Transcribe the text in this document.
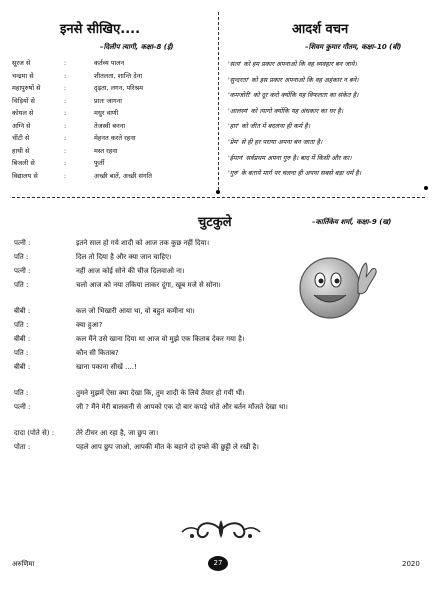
इनसे सीखिए....
–दिलीप त्यागी, कक्षा–8 (ई)
सूरज से	:	कर्तव्य पालन
चन्द्रमा से	:	शीतलता, शान्ति देना
महापुरुषों से	:	दृढ़ता, लगन, परिश्रम
चिड़ियों से	:	प्रातः जागना
कोयल से	:	मधुर वाणी
अग्नि से	:	तेजस्वी बनना
चींटी से	:	मेहनत करते रहना
हाथी से	:	मस्त रहना
बिजली से	:	फुर्ती
विद्यालय से	:	अच्छी बातें, अच्छी संगति
आदर्श वचन
–शिवम कुमार गौतम, कक्षा–10 (बी)
'सत्य' को हम प्रकार अपनाओ कि वह व्यवहार बन जाये।
'सुन्दरता' को इस प्रकार अपनाओ कि वह अहंकार न बने।
'कमजोरी' को दूर करो क्योंकि यह विफलता का संकेत है।
'आलस्य' को त्यागो क्योंकि यह अंधकार का घर है।
'हार' को जीत में बदलना ही कर्म है।
'प्रेम' से ही हर पराया अपना बन जाता है।
'ईमान' सर्वप्रथम अपना गुरु है। बाद में किसी और का।
'गुरु' के बताये मार्ग पर चलना ही अपना सबसे बड़ा धर्म है।
चुटकुले	–कार्तिकेय शर्मा, कक्षा–9 (ख)
पत्नी :	इतने साल हो गये शादी को आज तक कुछ नहीं दिया।
पति :	दिल तो दिया है और क्या जान चाहिए।
पत्नी :	नहीं आज कोई सोने की चीज दिलवाओ ना।
पति :	चलो आज को नया तकिया लाकर दूंगा, खूब मजे से सोना।
बीबी :	कल जो भिखारी आया था, वो बहुत कमीना था।
पति :	क्या हुआ?
बीबी :	कल मैंने उसे खाना दिया था आज वो मुझे एक किताब देकर गया है।
पति :	कौन सी किताब?
बीबी :	खाना पकाना सीखें ....!
पति :	तुमने मुझमें ऐसा क्या देखा कि, तुम शादी के लिये तैयार हो गयीं थीं।
पत्नी :	जी ? मैंने मेरी बालकनी से आपको एक दो बार कपड़े धोते और बर्तन माँजते देखा था।
दादा (पोते से) :	तेरे टीचर आ रहा है, जा छुप जा।
पोता :	पहले आप छुप जाओ, आपकी मौत के बहाने दो हफ्ते की छुट्टी ले रखी है।
अरुणिमा	27	2020
